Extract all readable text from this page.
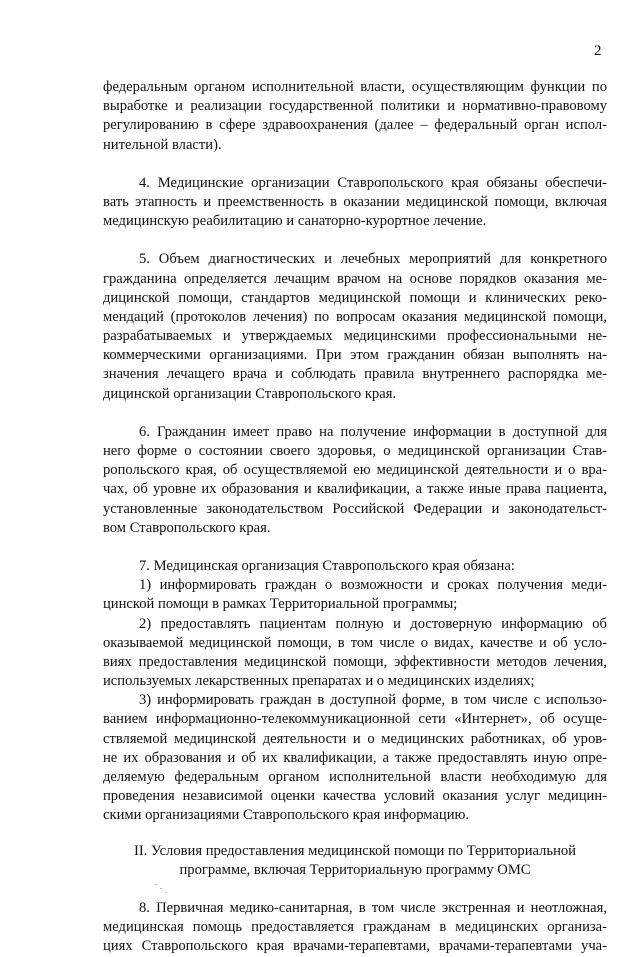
2
федеральным органом исполнительной власти, осуществляющим функции по
выработке и реализации государственной политики и нормативно-правовому
регулированию в сфере здравоохранения (далее – федеральный орган испол-
нительной власти).
4. Медицинские организации Ставропольского края обязаны обеспечи-
вать этапность и преемственность в оказании медицинской помощи, включая
медицинскую реабилитацию и санаторно-курортное лечение.
5. Объем диагностических и лечебных мероприятий для конкретного
гражданина определяется лечащим врачом на основе порядков оказания ме-
дицинской помощи, стандартов медицинской помощи и клинических реко-
мендаций (протоколов лечения) по вопросам оказания медицинской помощи,
разрабатываемых и утверждаемых медицинскими профессиональными не-
коммерческими организациями. При этом гражданин обязан выполнять на-
значения лечащего врача и соблюдать правила внутреннего распорядка ме-
дицинской организации Ставропольского края.
6. Гражданин имеет право на получение информации в доступной для
него форме о состоянии своего здоровья, о медицинской организации Став-
ропольского края, об осуществляемой ею медицинской деятельности и о вра-
чах, об уровне их образования и квалификации, а также иные права пациента,
установленные законодательством Российской Федерации и законодательст-
вом Ставропольского края.
7. Медицинская организация Ставропольского края обязана:
1) информировать граждан о возможности и сроках получения меди-
цинской помощи в рамках Территориальной программы;
2) предоставлять пациентам полную и достоверную информацию об
оказываемой медицинской помощи, в том числе о видах, качестве и об усло-
виях предоставления медицинской помощи, эффективности методов лечения,
используемых лекарственных препаратах и о медицинских изделиях;
3) информировать граждан в доступной форме, в том числе с использо-
ванием информационно-телекоммуникационной сети «Интернет», об осуще-
ствляемой медицинской деятельности и о медицинских работниках, об уров-
не их образования и об их квалификации, а также предоставлять иную опре-
деляемую федеральным органом исполнительной власти необходимую для
проведения независимой оценки качества условий оказания услуг медицин-
скими организациями Ставропольского края информацию.
II. Условия предоставления медицинской помощи по Территориальной
программе, включая Территориальную программу ОМС
8. Первичная медико-санитарная, в том числе экстренная и неотложная,
медицинская помощь предоставляется гражданам в медицинских организа-
циях Ставропольского края врачами-терапевтами, врачами-терапевтами уча-
